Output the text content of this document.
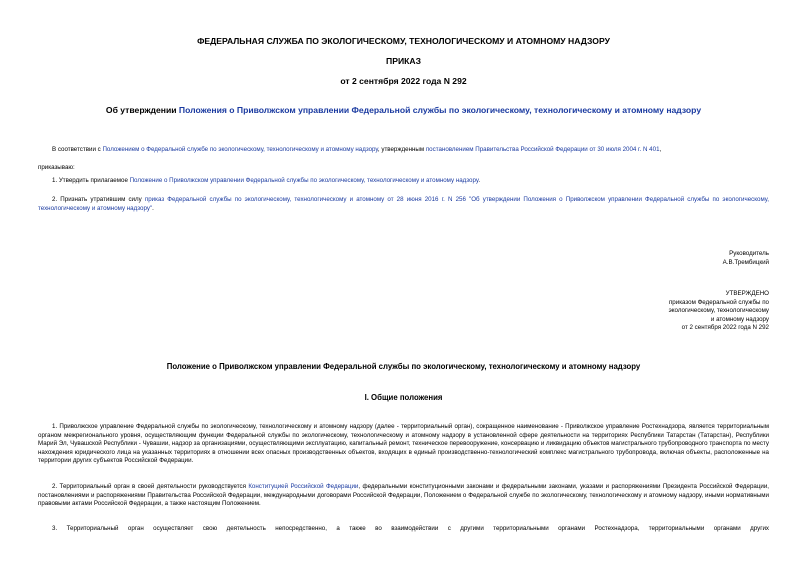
ФЕДЕРАЛЬНАЯ СЛУЖБА ПО ЭКОЛОГИЧЕСКОМУ, ТЕХНОЛОГИЧЕСКОМУ И АТОМНОМУ НАДЗОРУ
ПРИКАЗ
от 2 сентября 2022 года N 292
Об утверждении Положения о Приволжском управлении Федеральной службы по экологическому, технологическому и атомному надзору
В соответствии с Положением о Федеральной службе по экологическому, технологическому и атомному надзору, утвержденным постановлением Правительства Российской Федерации от 30 июля 2004 г. N 401,
приказываю:
1. Утвердить прилагаемое Положение о Приволжском управлении Федеральной службы по экологическому, технологическому и атомному надзору.
2. Признать утратившим силу приказ Федеральной службы по экологическому, технологическому и атомному от 28 июня 2016 г. N 256 "Об утверждении Положения о Приволжском управлении Федеральной службы по экологическому, технологическому и атомному надзору".
Руководитель
А.В.Трембицкий
УТВЕРЖДЕНО
приказом Федеральной службы по
экологическому, технологическому
и атомному надзору
от 2 сентября 2022 года N 292
Положение о Приволжском управлении Федеральной службы по экологическому, технологическому и атомному надзору
I. Общие положения
1. Приволжское управление Федеральной службы по экологическому, технологическому и атомному надзору (далее - территориальный орган), сокращенное наименование - Приволжское управление Ростехнадзора, является территориальным органом межрегионального уровня, осуществляющим функции Федеральной службы по экологическому, технологическому и атомному надзору в установленной сфере деятельности на территориях Республики Татарстан (Татарстан), Республики Марий Эл, Чувашской Республики - Чувашии, надзор за организациями, осуществляющими эксплуатацию, капитальный ремонт, техническое перевооружение, консервацию и ликвидацию объектов магистрального трубопроводного транспорта по месту нахождения юридического лица на указанных территориях в отношении всех опасных производственных объектов, входящих в единый производственно-технологический комплекс магистрального трубопровода, включая объекты, расположенные на территории других субъектов Российской Федерации.
2. Территориальный орган в своей деятельности руководствуется Конституцией Российской Федерации, федеральными конституционными законами и федеральными законами, указами и распоряжениями Президента Российской Федерации, постановлениями и распоряжениями Правительства Российской Федерации, международными договорами Российской Федерации, Положением о Федеральной службе по экологическому, технологическому и атомному надзору, иными нормативными правовыми актами Российской Федерации, а также настоящим Положением.
3. Территориальный орган осуществляет свою деятельность непосредственно, а также во взаимодействии с другими территориальными органами Ростехнадзора, территориальными органами других
